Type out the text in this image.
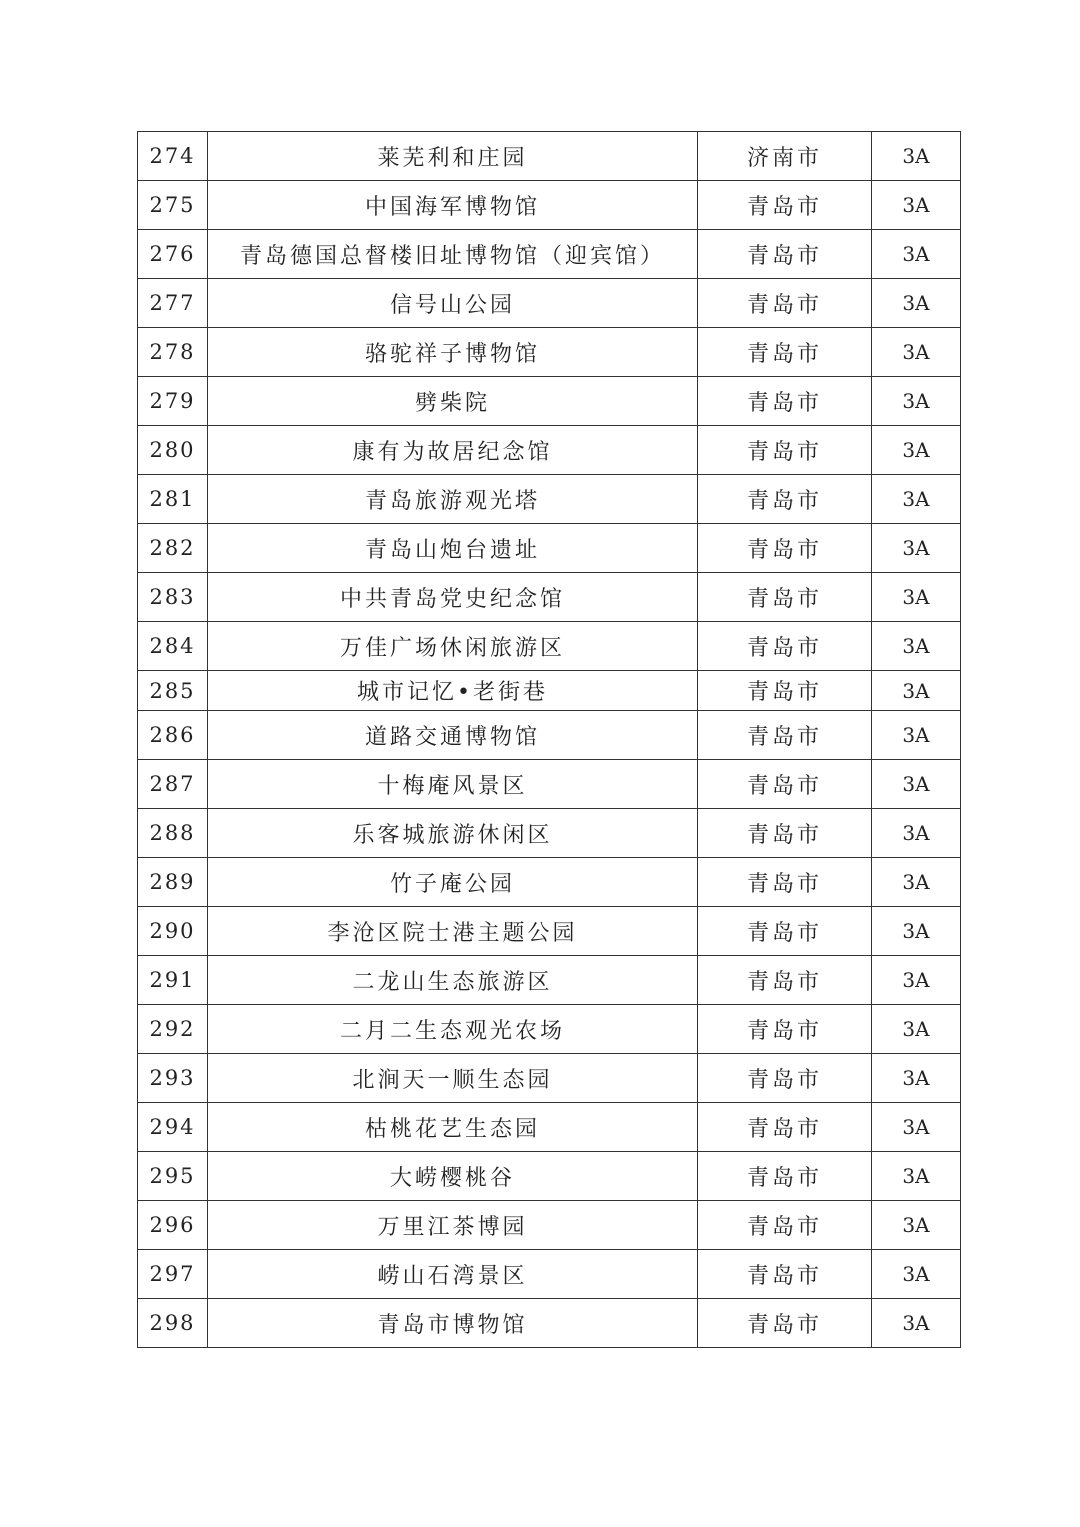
274	莱芜利和庄园	济南市	3A
275	中国海军博物馆	青岛市	3A
276	青岛德国总督楼旧址博物馆（迎宾馆）	青岛市	3A
277	信号山公园	青岛市	3A
278	骆驼祥子博物馆	青岛市	3A
279	劈柴院	青岛市	3A
280	康有为故居纪念馆	青岛市	3A
281	青岛旅游观光塔	青岛市	3A
282	青岛山炮台遗址	青岛市	3A
283	中共青岛党史纪念馆	青岛市	3A
284	万佳广场休闲旅游区	青岛市	3A
285	城市记忆•老街巷	青岛市	3A
286	道路交通博物馆	青岛市	3A
287	十梅庵风景区	青岛市	3A
288	乐客城旅游休闲区	青岛市	3A
289	竹子庵公园	青岛市	3A
290	李沧区院士港主题公园	青岛市	3A
291	二龙山生态旅游区	青岛市	3A
292	二月二生态观光农场	青岛市	3A
293	北涧天一顺生态园	青岛市	3A
294	枯桃花艺生态园	青岛市	3A
295	大崂樱桃谷	青岛市	3A
296	万里江茶博园	青岛市	3A
297	崂山石湾景区	青岛市	3A
298	青岛市博物馆	青岛市	3A
